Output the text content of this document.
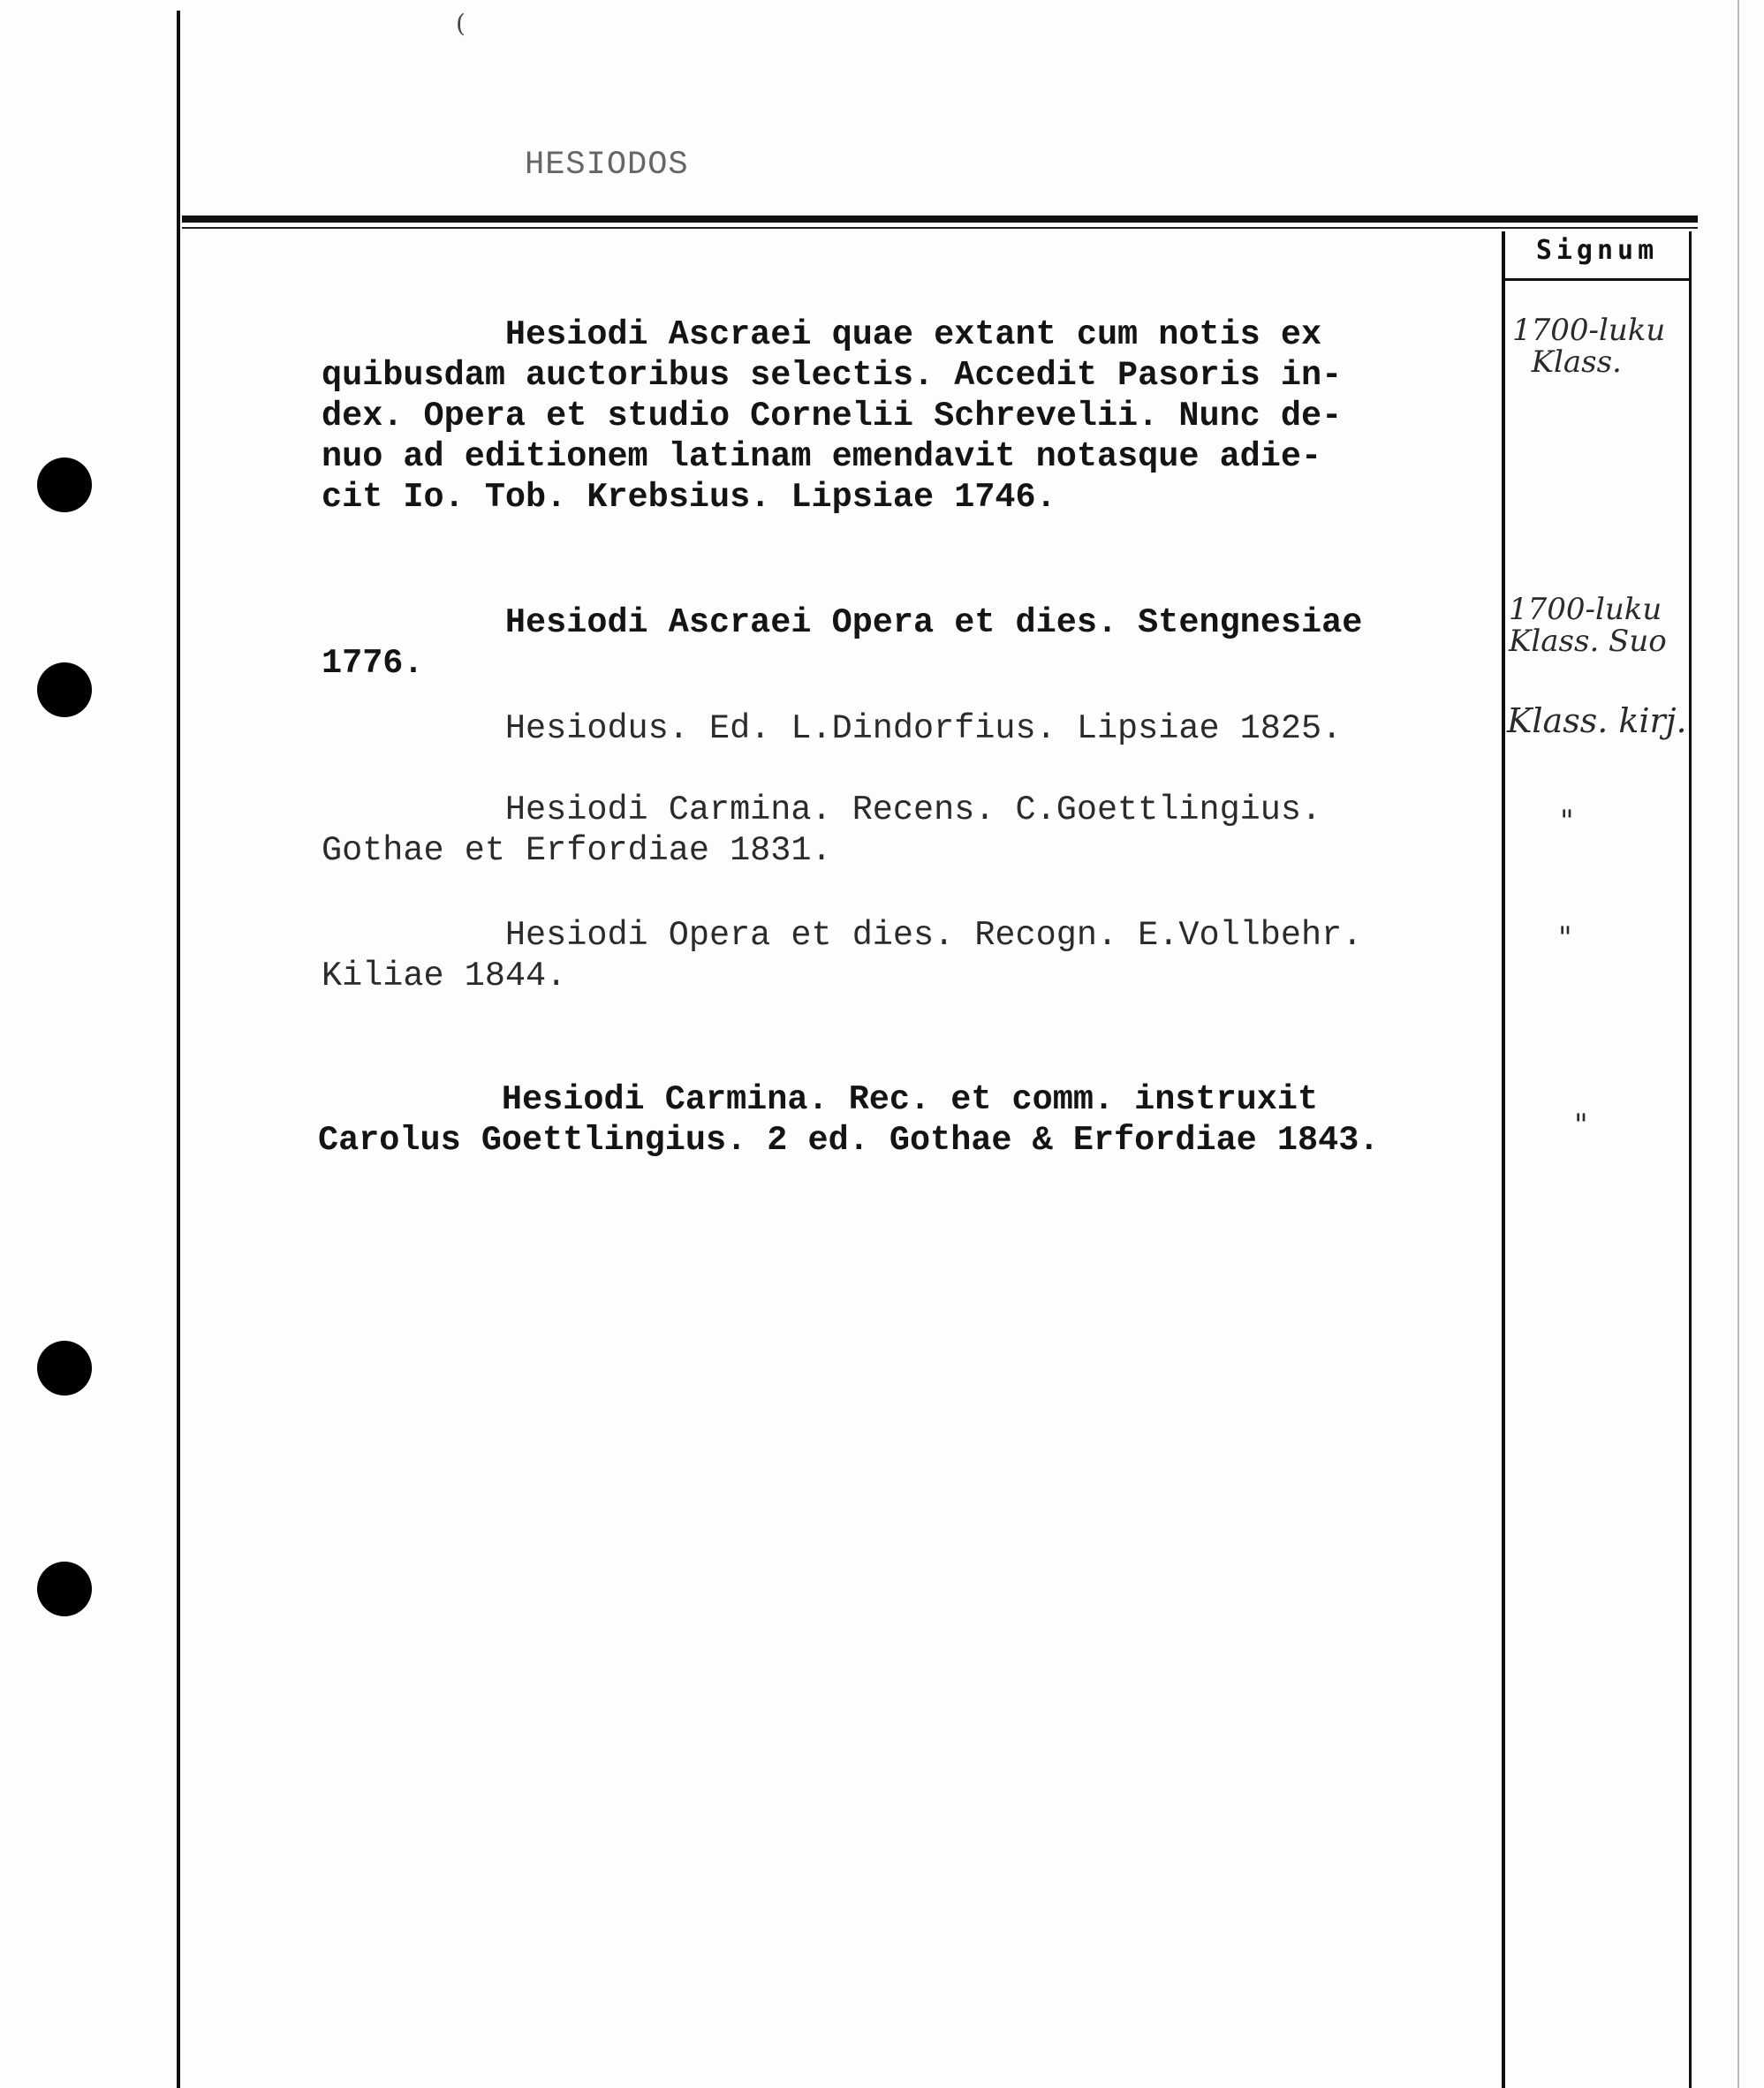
(
HESIODOS
Signum
Hesiodi Ascraei quae extant cum notis ex
quibusdam auctoribus selectis. Accedit Pasoris in-
dex. Opera et studio Cornelii Schrevelii. Nunc de-
nuo ad editionem latinam emendavit notasque adie-
cit Io. Tob. Krebsius. Lipsiae 1746.
Hesiodi Ascraei Opera et dies. Stengnesiae
1776.
Hesiodus. Ed. L.Dindorfius. Lipsiae 1825.
Hesiodi Carmina. Recens. C.Goettlingius.
Gothae et Erfordiae 1831.
Hesiodi Opera et dies. Recogn. E.Vollbehr.
Kiliae 1844.
Hesiodi Carmina. Rec. et comm. instruxit
Carolus Goettlingius. 2 ed. Gothae & Erfordiae 1843.
1700-luku
Klass.
1700-luku
Klass. Suo
Klass. kirj.
"
"
"
